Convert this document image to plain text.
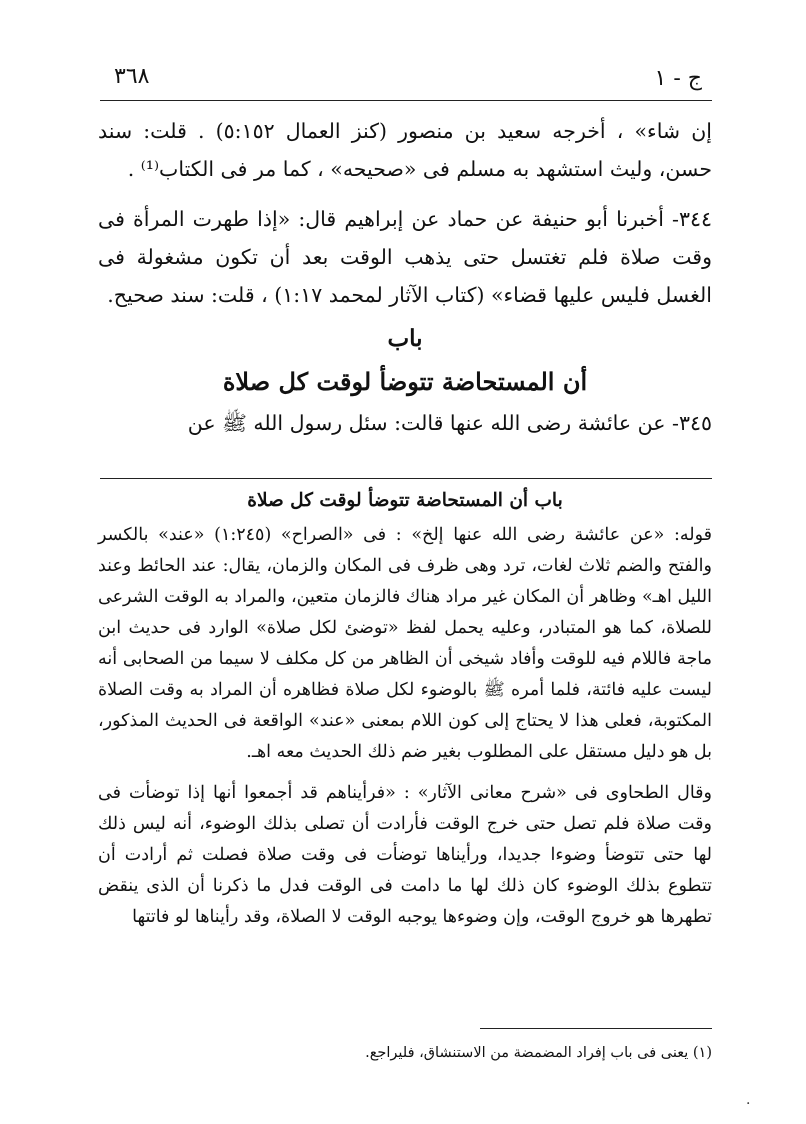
٣٦٨	ج - ١

إن شاء» ، أخرجه سعيد بن منصور (كنز العمال ٥:١٥٢) . قلت: سند حسن، وليث استشهد به مسلم فى «صحيحه» ، كما مر فى الكتاب⁽¹⁾ .

٣٤٤- أخبرنا أبو حنيفة عن حماد عن إبراهيم قال: «إذا طهرت المرأة فى وقت صلاة فلم تغتسل حتى يذهب الوقت بعد أن تكون مشغولة فى الغسل فليس عليها قضاء» (كتاب الآثار لمحمد ١:١٧) ، قلت: سند صحيح.

باب
أن المستحاضة تتوضأ لوقت كل صلاة

٣٤٥- عن عائشة رضى الله عنها قالت: سئل رسول الله ﷺ عن

باب أن المستحاضة تتوضأ لوقت كل صلاة

قوله: «عن عائشة رضى الله عنها إلخ» : فى «الصراح» (١:٢٤٥) «عند» بالكسر والفتح والضم ثلاث لغات، ترد وهى ظرف فى المكان والزمان، يقال: عند الحائط وعند الليل اهـ» وظاهر أن المكان غير مراد هناك فالزمان متعين، والمراد به الوقت الشرعى للصلاة، كما هو المتبادر، وعليه يحمل لفظ «توضئ لكل صلاة» الوارد فى حديث ابن ماجة فاللام فيه للوقت وأفاد شيخى أن الظاهر من كل مكلف لا سيما من الصحابى أنه ليست عليه فائتة، فلما أمره ﷺ بالوضوء لكل صلاة فظاهره أن المراد به وقت الصلاة المكتوبة، فعلى هذا لا يحتاج إلى كون اللام بمعنى «عند» الواقعة فى الحديث المذكور، بل هو دليل مستقل على المطلوب بغير ضم ذلك الحديث معه اهـ.

وقال الطحاوى فى «شرح معانى الآثار» : «فرأيناهم قد أجمعوا أنها إذا توضأت فى وقت صلاة فلم تصل حتى خرج الوقت فأرادت أن تصلى بذلك الوضوء، أنه ليس ذلك لها حتى تتوضأ وضوءا جديدا، ورأيناها توضأت فى وقت صلاة فصلت ثم أرادت أن تتطوع بذلك الوضوء كان ذلك لها ما دامت فى الوقت فدل ما ذكرنا أن الذى ينقض تطهرها هو خروج الوقت، وإن وضوءها يوجبه الوقت لا الصلاة، وقد رأيناها لو فاتتها

(١) يعنى فى باب إفراد المضمضة من الاستنشاق، فليراجع.
·
